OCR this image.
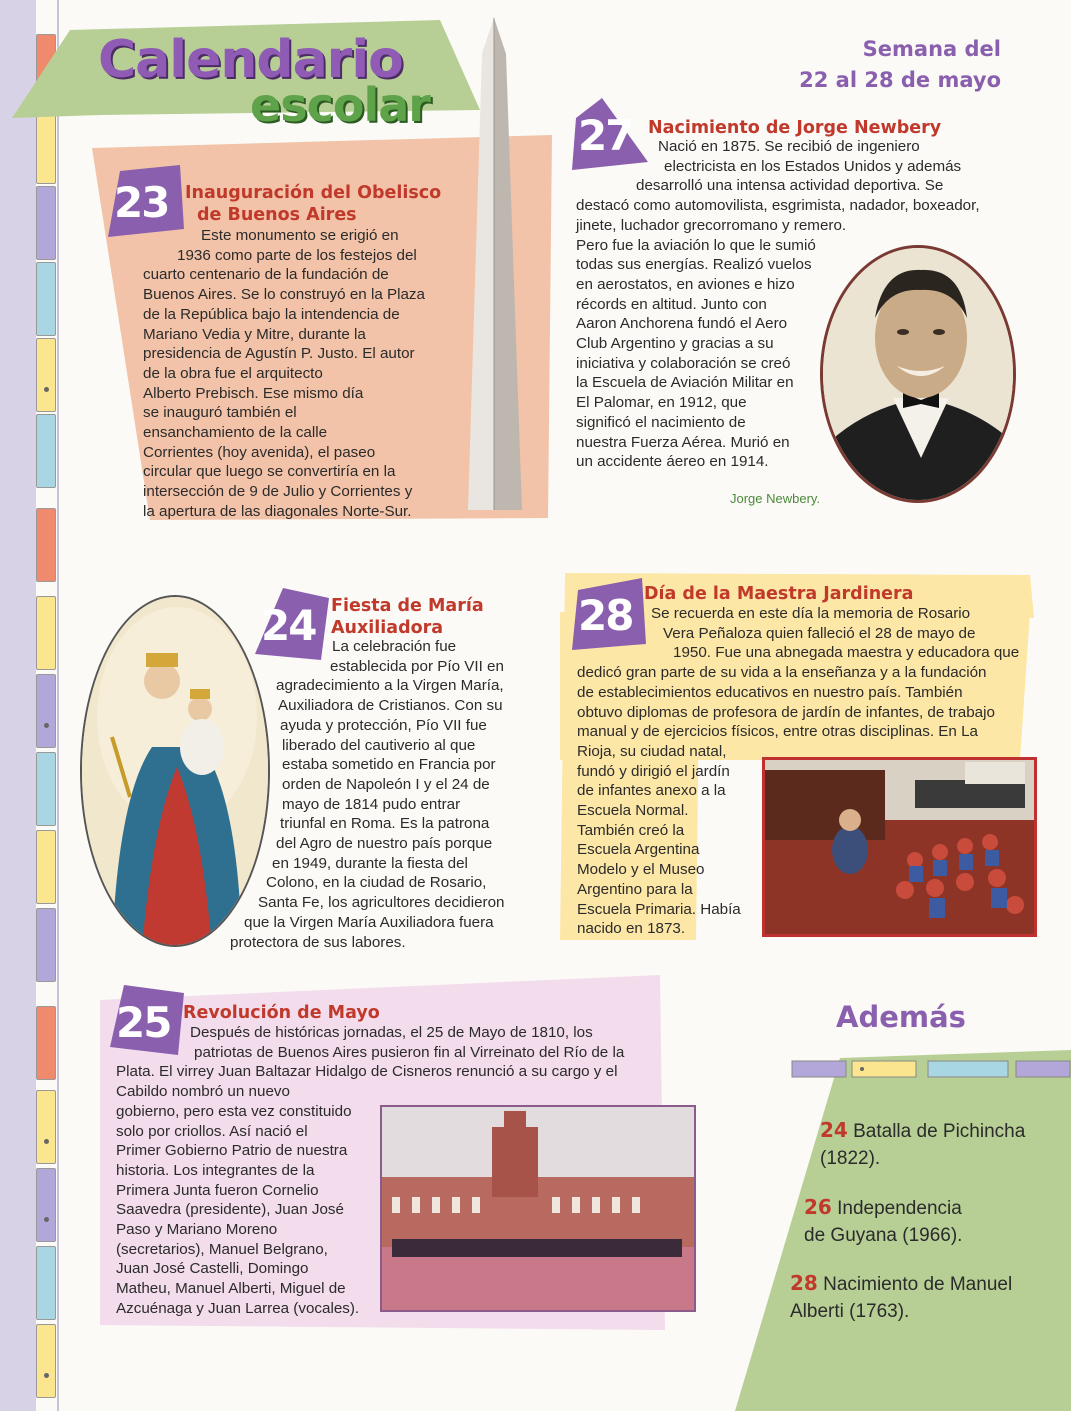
Calendario
escolar
Semana del
22 al 28 de mayo
23 Inauguración del Obelisco
de Buenos Aires
Este monumento se erigió en
1936 como parte de los festejos del
cuarto centenario de la fundación de
Buenos Aires. Se lo construyó en la Plaza
de la República bajo la intendencia de
Mariano Vedia y Mitre, durante la
presidencia de Agustín P. Justo. El autor
de la obra fue el arquitecto
Alberto Prebisch. Ese mismo día
se inauguró también el
ensanchamiento de la calle
Corrientes (hoy avenida), el paseo
circular que luego se convertiría en la
intersección de 9 de Julio y Corrientes y
la apertura de las diagonales Norte-Sur.
27 Nacimiento de Jorge Newbery
Nació en 1875. Se recibió de ingeniero
electricista en los Estados Unidos y además
desarrolló una intensa actividad deportiva. Se
destacó como automovilista, esgrimista, nadador, boxeador,
jinete, luchador grecorromano y remero.
Pero fue la aviación lo que le sumió
todas sus energías. Realizó vuelos
en aerostatos, en aviones e hizo
récords en altitud. Junto con
Aaron Anchorena fundó el Aero
Club Argentino y gracias a su
iniciativa y colaboración se creó
la Escuela de Aviación Militar en
El Palomar, en 1912, que
significó el nacimiento de
nuestra Fuerza Aérea. Murió en
un accidente áereo en 1914.
Jorge Newbery.
24 Fiesta de María
Auxiliadora
La celebración fue
establecida por Pío VII en
agradecimiento a la Virgen María,
Auxiliadora de Cristianos. Con su
ayuda y protección, Pío VII fue
liberado del cautiverio al que
estaba sometido en Francia por
orden de Napoleón I y el 24 de
mayo de 1814 pudo entrar
triunfal en Roma. Es la patrona
del Agro de nuestro país porque
en 1949, durante la fiesta del
Colono, en la ciudad de Rosario,
Santa Fe, los agricultores decidieron
que la Virgen María Auxiliadora fuera
protectora de sus labores.
28 Día de la Maestra Jardinera
Se recuerda en este día la memoria de Rosario
Vera Peñaloza quien falleció el 28 de mayo de
1950. Fue una abnegada maestra y educadora que
dedicó gran parte de su vida a la enseñanza y a la fundación
de establecimientos educativos en nuestro país. También
obtuvo diplomas de profesora de jardín de infantes, de trabajo
manual y de ejercicios físicos, entre otras disciplinas. En La
Rioja, su ciudad natal,
fundó y dirigió el jardín
de infantes anexo a la
Escuela Normal.
También creó la
Escuela Argentina
Modelo y el Museo
Argentino para la
Escuela Primaria. Había
nacido en 1873.
25 Revolución de Mayo
Después de históricas jornadas, el 25 de Mayo de 1810, los
patriotas de Buenos Aires pusieron fin al Virreinato del Río de la
Plata. El virrey Juan Baltazar Hidalgo de Cisneros renunció a su cargo y el
Cabildo nombró un nuevo
gobierno, pero esta vez constituido
solo por criollos. Así nació el
Primer Gobierno Patrio de nuestra
historia. Los integrantes de la
Primera Junta fueron Cornelio
Saavedra (presidente), Juan José
Paso y Mariano Moreno
(secretarios), Manuel Belgrano,
Juan José Castelli, Domingo
Matheu, Manuel Alberti, Miguel de
Azcuénaga y Juan Larrea (vocales).
Además
24 Batalla de Pichincha
(1822).
26 Independencia
de Guyana (1966).
28 Nacimiento de Manuel
Alberti (1763).
